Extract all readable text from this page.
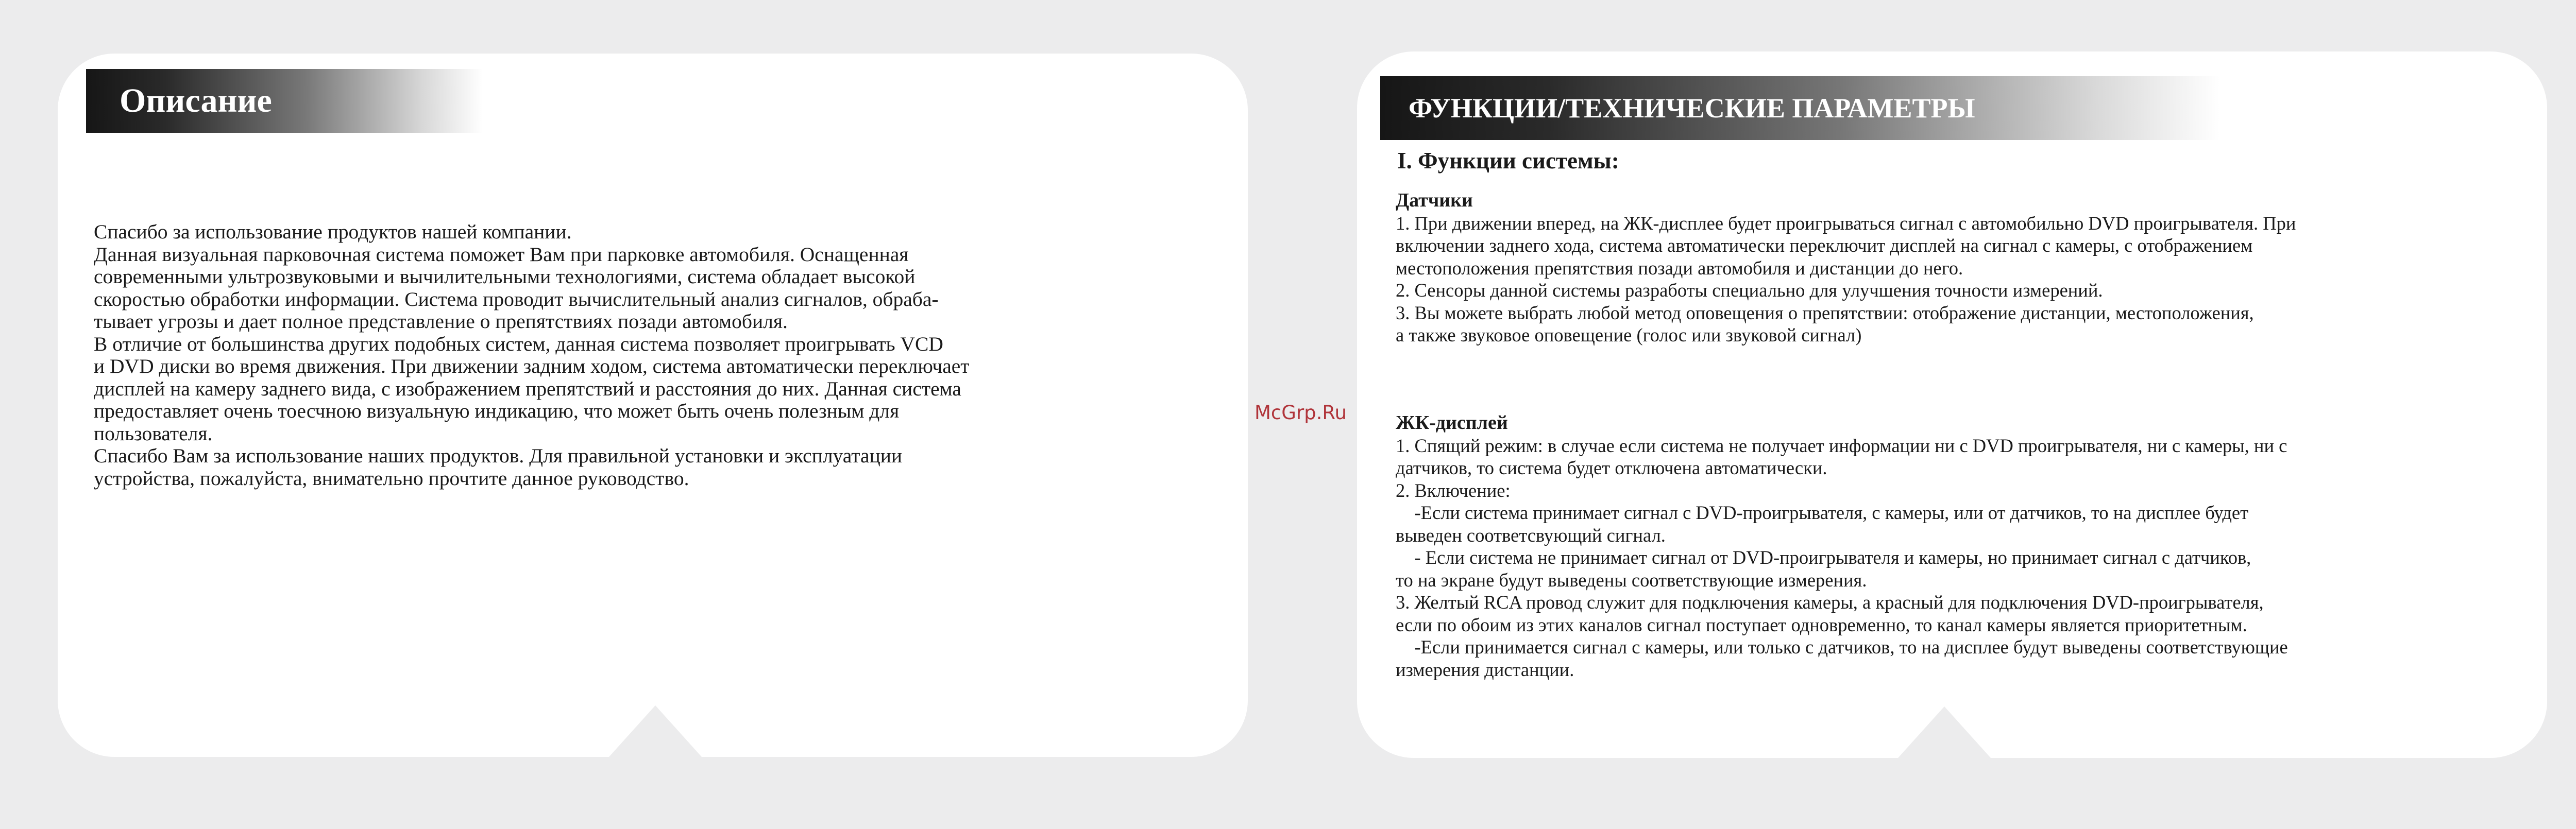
Описание
Спасибо за использование продуктов нашей компании.
Данная визуальная парковочная система поможет Вам при парковке автомобиля. Оснащенная
современными ультрозвуковыми и вычилительными технологиями, система обладает высокой
скоростью обработки информации. Система проводит вычислительный анализ сигналов, обраба-
тывает угрозы и дает полное представление о препятствиях позади автомобиля.
В отличие от большинства других подобных систем, данная система позволяет проигрывать VCD
и DVD диски во время движения. При движении задним ходом, система автоматически переключает
дисплей на камеру заднего вида, с изображением препятствий и расстояния до них. Данная система
предоставляет очень тоесчною визуальную индикацию, что может быть очень полезным для
пользователя.
Спасибо Вам за использование наших продуктов. Для правильной установки и эксплуатации
устройства, пожалуйста, внимательно прочтите данное руководство.
McGrp.Ru
ФУНКЦИИ/ТЕХНИЧЕСКИЕ ПАРАМЕТРЫ
I. Функции системы:
Датчики
1. При движении вперед, на ЖК-дисплее будет проигрываться сигнал с автомобильно DVD проигрывателя. При
включении заднего хода, система автоматически переключит дисплей на сигнал с камеры, с отображением
местоположения препятствия позади автомобиля и дистанции до него.
2. Сенсоры данной системы разработы специально для улучшения точности измерений.
3. Вы можете выбрать любой метод оповещения о препятствии: отображение дистанции, местоположения,
а также звуковое оповещение (голос или звуковой сигнал)
ЖК-дисплей
1. Спящий режим: в случае если система не получает информации ни с DVD проигрывателя, ни с камеры, ни с
датчиков, то система будет отключена автоматически.
2. Включение:
-Если система принимает сигнал с DVD-проигрывателя, с камеры, или от датчиков, то на дисплее будет
выведен соответсвующий сигнал.
- Если система не принимает сигнал от DVD-проигрывателя и камеры, но принимает сигнал с датчиков,
то на экране будут выведены соответствующие измерения.
3. Желтый RCA провод служит для подключения камеры, а красный для подключения DVD-проигрывателя,
если по обоим из этих каналов сигнал поступает одновременно, то канал камеры является приоритетным.
-Если принимается сигнал с камеры, или только с датчиков, то на дисплее будут выведены соответствующие
измерения дистанции.
